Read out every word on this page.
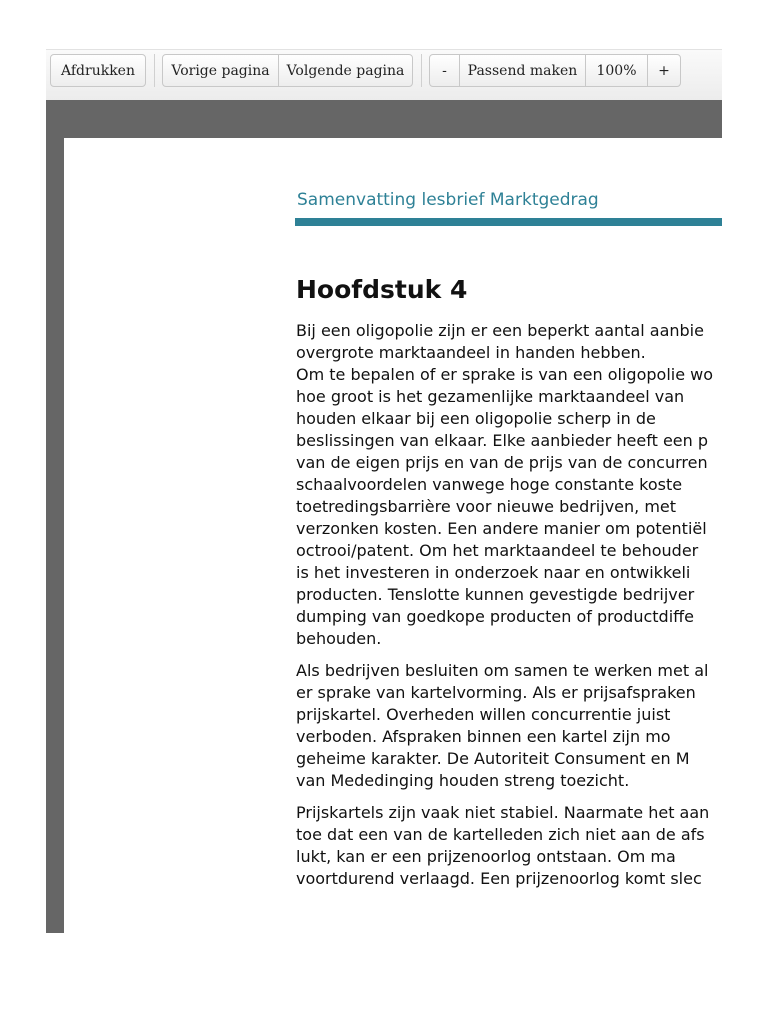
Afdrukken	Vorige pagina	Volgende pagina	-	Passend maken	100%	+
Samenvatting lesbrief Marktgedrag
Hoofdstuk 4
Bij een oligopolie zijn er een beperkt aantal aanbie
overgrote marktaandeel in handen hebben.
Om te bepalen of er sprake is van een oligopolie wo
hoe groot is het gezamenlijke marktaandeel van
houden elkaar bij een oligopolie scherp in de
beslissingen van elkaar. Elke aanbieder heeft een p
van de eigen prijs en van de prijs van de concurren
schaalvoordelen vanwege hoge constante koste
toetredingsbarrière voor nieuwe bedrijven, met
verzonken kosten. Een andere manier om potentiël
octrooi/patent. Om het marktaandeel te behouder
is het investeren in onderzoek naar en ontwikkeli
producten. Tenslotte kunnen gevestigde bedrijver
dumping van goedkope producten of productdiffe
behouden.
Als bedrijven besluiten om samen te werken met al
er sprake van kartelvorming. Als er prijsafspraken
prijskartel. Overheden willen concurrentie juist
verboden. Afspraken binnen een kartel zijn mo
geheime karakter. De Autoriteit Consument en M
van Mededinging houden streng toezicht.
Prijskartels zijn vaak niet stabiel. Naarmate het aan
toe dat een van de kartelleden zich niet aan de afs
lukt, kan er een prijzenoorlog ontstaan. Om ma
voortdurend verlaagd. Een prijzenoorlog komt slec
